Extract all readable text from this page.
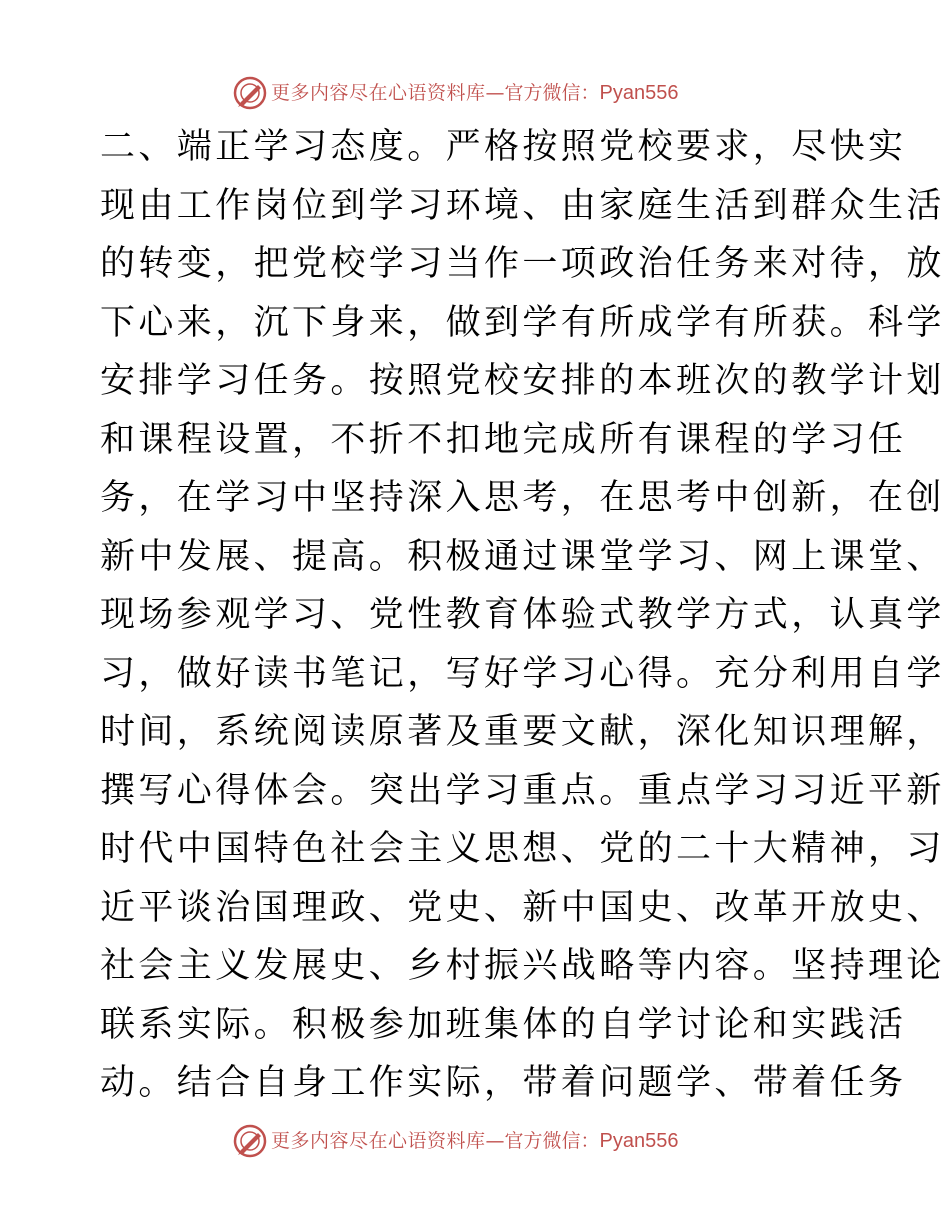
更多内容尽在心语资料库 — 官方微信： Pyan556
二、端正学习态度。严格按照党校要求，尽快实
现由工作岗位到学习环境、由家庭生活到群众生活
的转变，把党校学习当作一项政治任务来对待，放
下心来，沉下身来，做到学有所成学有所获。科学
安排学习任务。按照党校安排的本班次的教学计划
和课程设置，不折不扣地完成所有课程的学习任
务，在学习中坚持深入思考，在思考中创新，在创
新中发展、提高。积极通过课堂学习、网上课堂、
现场参观学习、党性教育体验式教学方式，认真学
习，做好读书笔记，写好学习心得。充分利用自学
时间，系统阅读原著及重要文献，深化知识理解，
撰写心得体会。突出学习重点。重点学习习近平新
时代中国特色社会主义思想、党的二十大精神，习
近平谈治国理政、党史、新中国史、改革开放史、
社会主义发展史、乡村振兴战略等内容。坚持理论
联系实际。积极参加班集体的自学讨论和实践活
动。结合自身工作实际，带着问题学、带着任务
更多内容尽在心语资料库 — 官方微信： Pyan556
